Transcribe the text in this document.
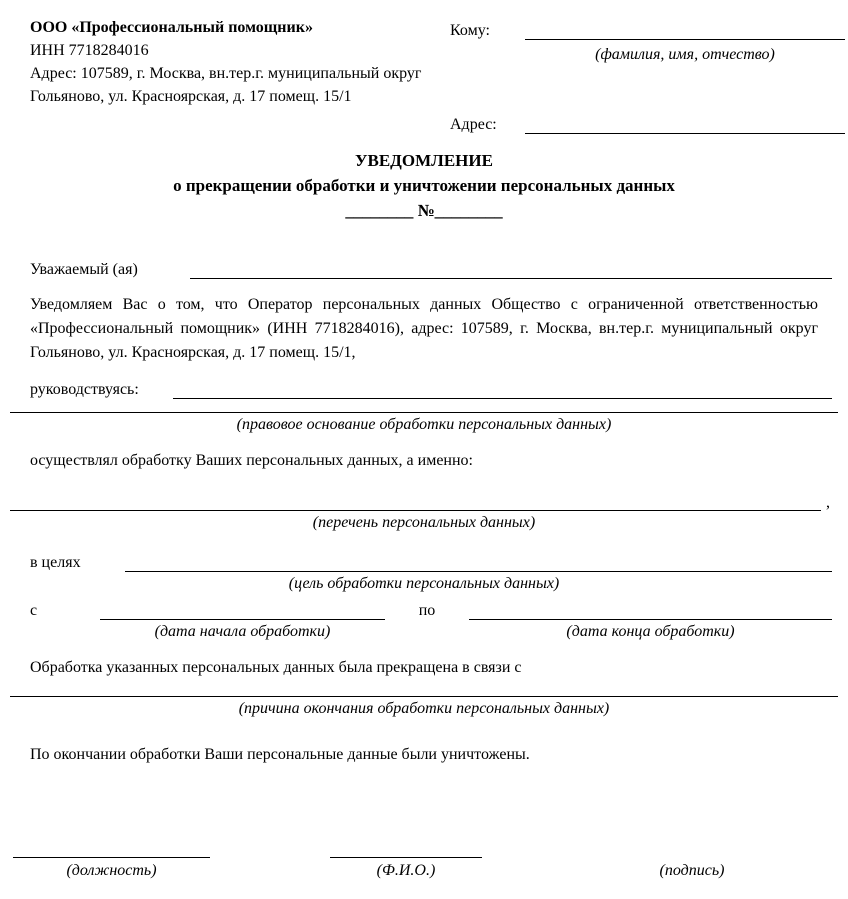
ООО «Профессиональный помощник»
ИНН 7718284016
Адрес: 107589, г. Москва, вн.тер.г. муниципальный округ Гольяново, ул. Красноярская, д. 17 помещ. 15/1
Кому:
(фамилия, имя, отчество)
Адрес:
УВЕДОМЛЕНИЕ
о прекращении обработки и уничтожении персональных данных
________ №________
Уважаемый (ая)
Уведомляем Вас о том, что Оператор персональных данных Общество с ограниченной ответственностью «Профессиональный помощник» (ИНН 7718284016), адрес: 107589, г. Москва, вн.тер.г. муниципальный округ Гольяново, ул. Красноярская, д. 17 помещ. 15/1,
руководствуясь:
(правовое основание обработки персональных данных)
осуществлял обработку Ваших персональных данных, а именно:
,
(перечень персональных данных)
в целях
(цель обработки персональных данных)
с	по
(дата начала обработки)	(дата конца обработки)
Обработка указанных персональных данных была прекращена в связи с
(причина окончания обработки персональных данных)
По окончании обработки Ваши персональные данные были уничтожены.
(должность)	(Ф.И.О.)	(подпись)
